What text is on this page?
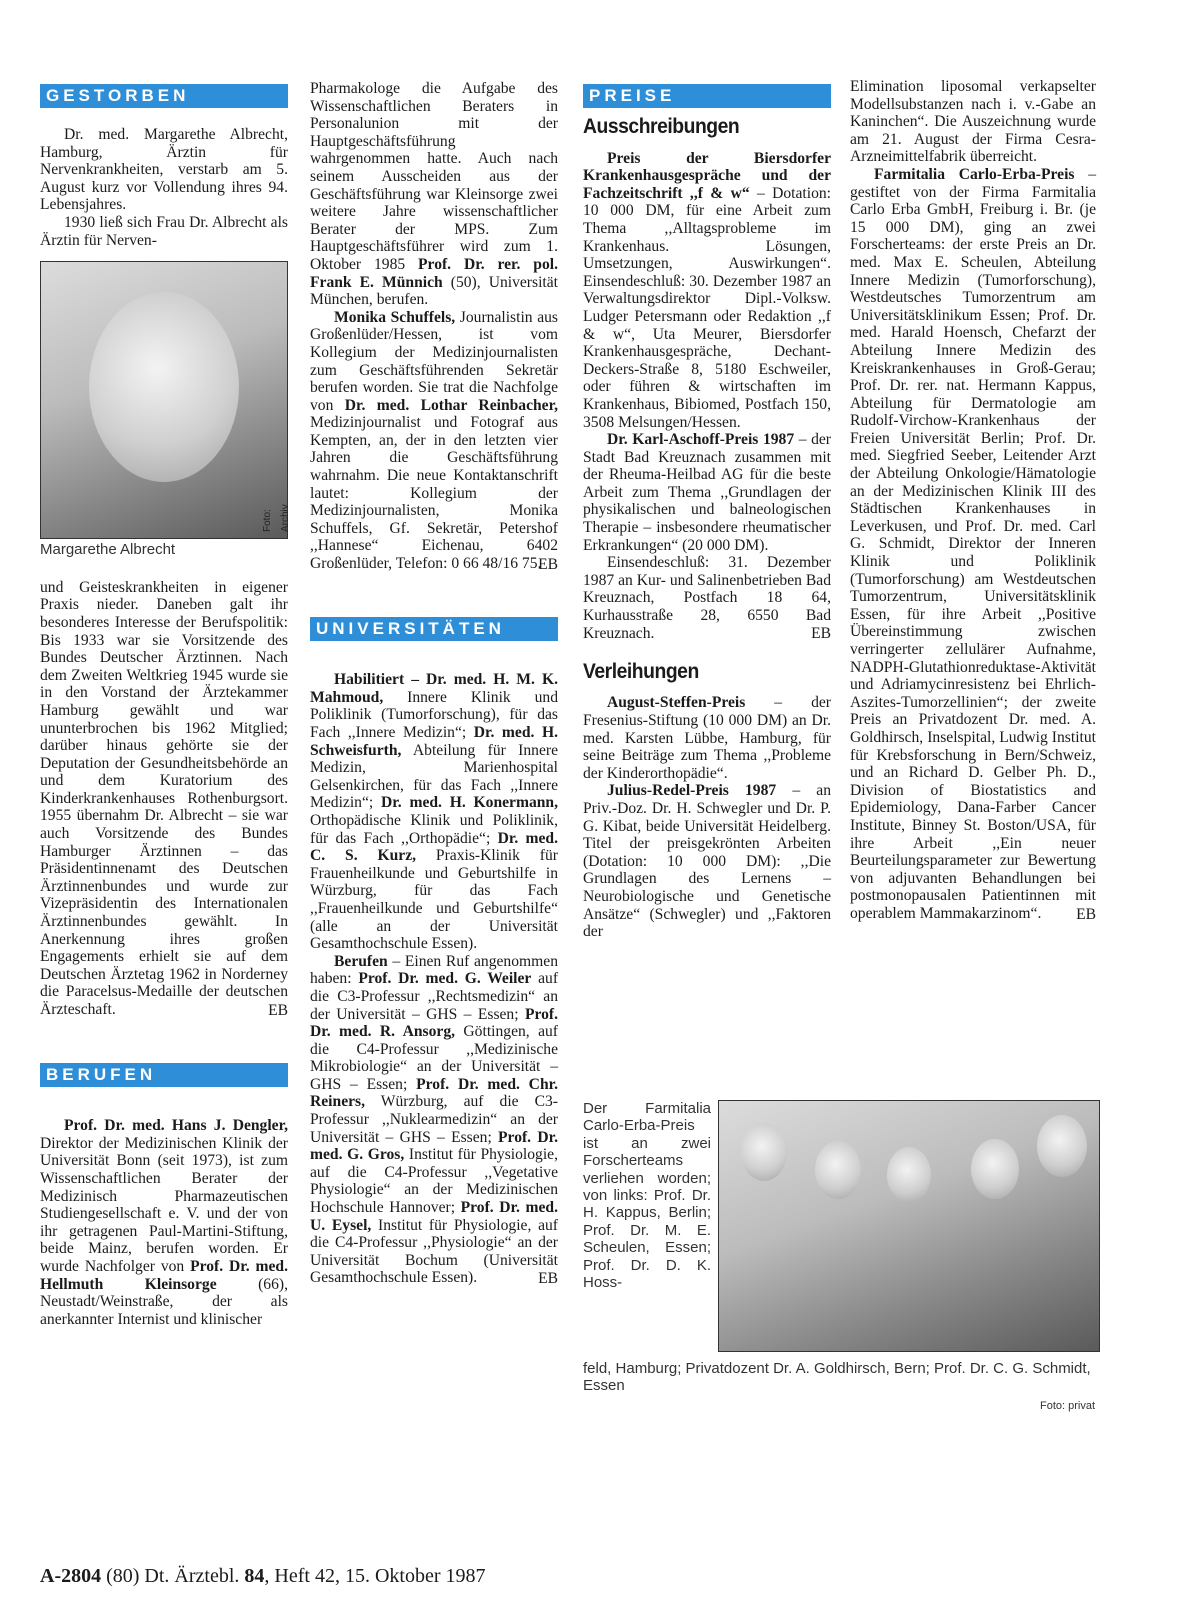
GESTORBEN

Dr. med. Margarethe Albrecht, Hamburg, Ärztin für Nervenkrankheiten, verstarb am 5. August kurz vor Vollendung ihres 94. Lebensjahres.

1930 ließ sich Frau Dr. Albrecht als Ärztin für Nerven-

Foto: Archiv
Margarethe Albrecht

und Geisteskrankheiten in eigener Praxis nieder. Daneben galt ihr besonderes Interesse der Berufspolitik: Bis 1933 war sie Vorsitzende des Bundes Deutscher Ärztinnen. Nach dem Zweiten Weltkrieg 1945 wurde sie in den Vorstand der Ärztekammer Hamburg gewählt und war ununterbrochen bis 1962 Mitglied; darüber hinaus gehörte sie der Deputation der Gesundheitsbehörde an und dem Kuratorium des Kinderkrankenhauses Rothenburgsort. 1955 übernahm Dr. Albrecht – sie war auch Vorsitzende des Bundes Hamburger Ärztinnen – das Präsidentinnenamt des Deutschen Ärztinnenbundes und wurde zur Vizepräsidentin des Internationalen Ärztinnenbundes gewählt. In Anerkennung ihres großen Engagements erhielt sie auf dem Deutschen Ärztetag 1962 in Norderney die Paracelsus-Medaille der deutschen Ärzteschaft.	EB
BERUFEN

Prof. Dr. med. Hans J. Dengler, Direktor der Medizinischen Klinik der Universität Bonn (seit 1973), ist zum Wissenschaftlichen Berater der Medizinisch Pharmazeutischen Studiengesellschaft e. V. und der von ihr getragenen Paul-Martini-Stiftung, beide Mainz, berufen worden. Er wurde Nachfolger von Prof. Dr. med. Hellmuth Kleinsorge (66), Neustadt/Weinstraße, der als anerkannter Internist und klinischer

Pharmakologe die Aufgabe des Wissenschaftlichen Beraters in Personalunion mit der Hauptgeschäftsführung wahrgenommen hatte. Auch nach seinem Ausscheiden aus der Geschäftsführung war Kleinsorge zwei weitere Jahre wissenschaftlicher Berater der MPS. Zum Hauptgeschäftsführer wird zum 1. Oktober 1985 Prof. Dr. rer. pol. Frank E. Münnich (50), Universität München, berufen.

Monika Schuffels, Journalistin aus Großenlüder/Hessen, ist vom Kollegium der Medizinjournalisten zum Geschäftsführenden Sekretär berufen worden. Sie trat die Nachfolge von Dr. med. Lothar Reinbacher, Medizinjournalist und Fotograf aus Kempten, an, der in den letzten vier Jahren die Geschäftsführung wahrnahm. Die neue Kontaktanschrift lautet: Kollegium der Medizinjournalisten, Monika Schuffels, Gf. Sekretär, Petershof ,,Hannese“ Eichenau, 6402 Großenlüder, Telefon: 0 66 48/16 75.

EB
UNIVERSITÄTEN

Habilitiert – Dr. med. H. M. K. Mahmoud, Innere Klinik und Poliklinik (Tumorforschung), für das Fach ,,Innere Medizin“; Dr. med. H. Schweisfurth, Abteilung für Innere Medizin, Marienhospital Gelsenkirchen, für das Fach ,,Innere Medizin“; Dr. med. H. Konermann, Orthopädische Klinik und Poliklinik, für das Fach ,,Orthopädie“; Dr. med. C. S. Kurz, Praxis-Klinik für Frauenheilkunde und Geburtshilfe in Würzburg, für das Fach ,,Frauenheilkunde und Geburtshilfe“ (alle an der Universität Gesamthochschule Essen).

Berufen – Einen Ruf angenommen haben: Prof. Dr. med. G. Weiler auf die C3-Professur ,,Rechtsmedizin“ an der Universität – GHS – Essen; Prof. Dr. med. R. Ansorg, Göttingen, auf die C4-Professur ,,Medizinische Mikrobiologie“ an der Universität – GHS – Essen; Prof. Dr. med. Chr. Reiners, Würzburg, auf die C3-Professur ,,Nuklearmedizin“ an der Universität – GHS – Essen; Prof. Dr. med. G. Gros, Institut für Physiologie, auf die C4-Professur ,,Vegetative Physiologie“ an der Medizinischen Hochschule Hannover; Prof. Dr. med. U. Eysel, Institut für Physiologie, auf die C4-Professur ,,Physiologie“ an der Universität Bochum (Universität Gesamthochschule Essen).	EB
PREISE
Ausschreibungen

Preis der Biersdorfer Krankenhausgespräche und der Fachzeitschrift ,,f & w“ – Dotation: 10 000 DM, für eine Arbeit zum Thema ,,Alltagsprobleme im Krankenhaus. Lösungen, Umsetzungen, Auswirkungen“. Einsendeschluß: 30. Dezember 1987 an Verwaltungsdirektor Dipl.-Volksw. Ludger Petersmann oder Redaktion ,,f & w“, Uta Meurer, Biersdorfer Krankenhausgespräche, Dechant-Deckers-Straße 8, 5180 Eschweiler, oder führen & wirtschaften im Krankenhaus, Bibiomed, Postfach 150, 3508 Melsungen/Hessen.

Dr. Karl-Aschoff-Preis 1987 – der Stadt Bad Kreuznach zusammen mit der Rheuma-Heilbad AG für die beste Arbeit zum Thema ,,Grundlagen der physikalischen und balneologischen Therapie – insbesondere rheumatischer Erkrankungen“ (20 000 DM).

Einsendeschluß: 31. Dezember 1987 an Kur- und Salinenbetrieben Bad Kreuznach, Postfach 18 64, Kurhausstraße 28, 6550 Bad Kreuznach.	EB
Verleihungen

August-Steffen-Preis – der Fresenius-Stiftung (10 000 DM) an Dr. med. Karsten Lübbe, Hamburg, für seine Beiträge zum Thema ,,Probleme der Kinderorthopädie“.

Julius-Redel-Preis 1987 – an Priv.-Doz. Dr. H. Schwegler und Dr. P. G. Kibat, beide Universität Heidelberg. Titel der preisgekrönten Arbeiten (Dotation: 10 000 DM): ,,Die Grundlagen des Lernens – Neurobiologische und Genetische Ansätze“ (Schwegler) und ,,Faktoren der

Elimination liposomal verkapselter Modellsubstanzen nach i. v.-Gabe an Kaninchen“. Die Auszeichnung wurde am 21. August der Firma Cesra-Arzneimittelfabrik überreicht.

Farmitalia Carlo-Erba-Preis – gestiftet von der Firma Farmitalia Carlo Erba GmbH, Freiburg i. Br. (je 15 000 DM), ging an zwei Forscherteams: der erste Preis an Dr. med. Max E. Scheulen, Abteilung Innere Medizin (Tumorforschung), Westdeutsches Tumorzentrum am Universitätsklinikum Essen; Prof. Dr. med. Harald Hoensch, Chefarzt der Abteilung Innere Medizin des Kreiskrankenhauses in Groß-Gerau; Prof. Dr. rer. nat. Hermann Kappus, Abteilung für Dermatologie am Rudolf-Virchow-Krankenhaus der Freien Universität Berlin; Prof. Dr. med. Siegfried Seeber, Leitender Arzt der Abteilung Onkologie/Hämatologie an der Medizinischen Klinik III des Städtischen Krankenhauses in Leverkusen, und Prof. Dr. med. Carl G. Schmidt, Direktor der Inneren Klinik und Poliklinik (Tumorforschung) am Westdeutschen Tumorzentrum, Universitätsklinik Essen, für ihre Arbeit ,,Positive Übereinstimmung zwischen verringerter zellulärer Aufnahme, NADPH-Glutathionreduktase-Aktivität und Adriamycinresistenz bei Ehrlich-Aszites-Tumorzellinien“; der zweite Preis an Privatdozent Dr. med. A. Goldhirsch, Inselspital, Ludwig Institut für Krebsforschung in Bern/Schweiz, und an Richard D. Gelber Ph. D., Division of Biostatistics and Epidemiology, Dana-Farber Cancer Institute, Binney St. Boston/USA, für ihre Arbeit ,,Ein neuer Beurteilungsparameter zur Bewertung von adjuvanten Behandlungen bei postmonopausalen Patientinnen mit operablem Mammakarzinom“.	EB
Der Farmitalia Carlo-Erba-Preis ist an zwei Forscherteams verliehen worden; von links: Prof. Dr. H. Kappus, Berlin; Prof. Dr. M. E. Scheulen, Essen; Prof. Dr. D. K. Hoss-
feld, Hamburg; Privatdozent Dr. A. Goldhirsch, Bern; Prof. Dr. C. G. Schmidt, Essen
Foto: privat
A-2804 (80) Dt. Ärztebl. 84, Heft 42, 15. Oktober 1987
